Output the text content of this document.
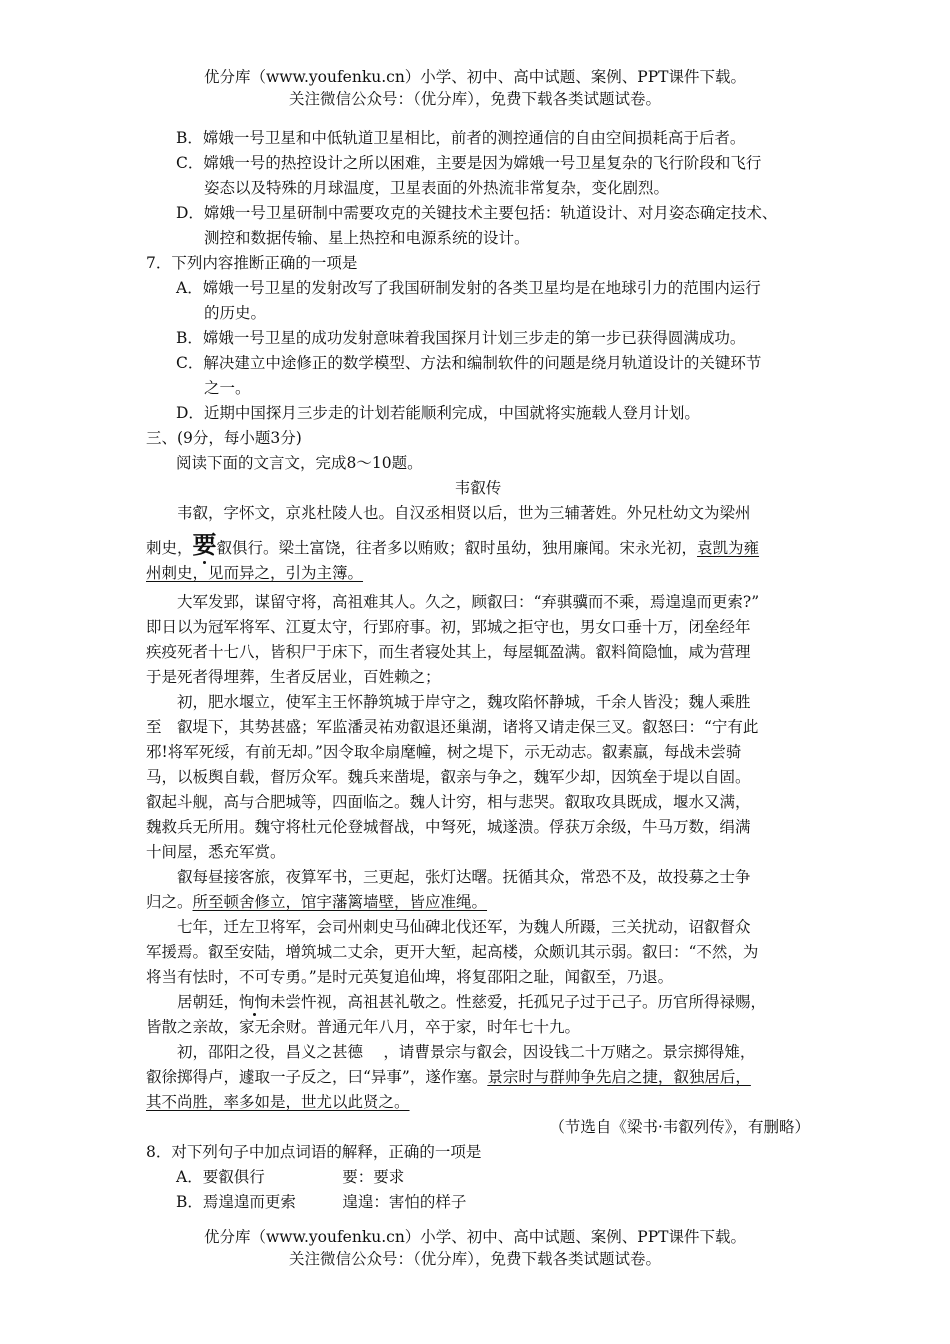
优分库（www.youfenku.cn）小学、初中、高中试题、案例、PPT课件下载。
关注微信公众号：（优分库），免费下载各类试题试卷。
B．嫦娥一号卫星和中低轨道卫星相比，前者的测控通信的自由空间损耗高于后者。
C．嫦娥一号的热控设计之所以困难，主要是因为嫦娥一号卫星复杂的飞行阶段和飞行
姿态以及特殊的月球温度，卫星表面的外热流非常复杂，变化剧烈。
D．嫦娥一号卫星研制中需要攻克的关键技术主要包括：轨道设计、对月姿态确定技术、
测控和数据传输、星上热控和电源系统的设计。
7．下列内容推断正确的一项是
A．嫦娥一号卫星的发射改写了我国研制发射的各类卫星均是在地球引力的范围内运行
的历史。
B．嫦娥一号卫星的成功发射意味着我国探月计划三步走的第一步已获得圆满成功。
C．解决建立中途修正的数学模型、方法和编制软件的问题是绕月轨道设计的关键环节
之一。
D．近期中国探月三步走的计划若能顺利完成，中国就将实施载人登月计划。
三、(9分，每小题3分)
阅读下面的文言文，完成8～10题。
韦叡传
韦叡，字怀文，京兆杜陵人也。自汉丞相贤以后，世为三辅著姓。外兄杜幼文为梁州
刺史，要叡俱行。梁土富饶，往者多以贿败；叡时虽幼，独用廉闻。宋永光初，袁凯为雍
州刺史，见而异之，引为主簿。
大军发郢，谋留守将，高祖难其人。久之，顾叡曰：“弃骐骥而不乘，焉遑遑而更索?”
即日以为冠军将军、江夏太守，行郢府事。初，郢城之拒守也，男女口垂十万，闭垒经年
疾疫死者十七八，皆积尸于床下，而生者寝处其上，每屋辄盈满。叡料简隐恤，咸为营理
于是死者得埋葬，生者反居业，百姓赖之；
初，肥水堰立，使军主王怀静筑城于岸守之，魏攻陷怀静城，千余人皆没；魏人乘胜
至　叡堤下，其势甚盛；军监潘灵祐劝叡退还巢湖，诸将又请走保三叉。叡怒曰：“宁有此
邪!将军死绥，有前无却。”因令取伞扇麾幢，树之堤下，示无动志。叡素羸，每战未尝骑
马，以板舆自载，督厉众军。魏兵来凿堤，叡亲与争之，魏军少却，因筑垒于堤以自固。
叡起斗舰，高与合肥城等，四面临之。魏人计穷，相与悲哭。叡取攻具既成，堰水又满，
魏救兵无所用。魏守将杜元伦登城督战，中弩死，城遂溃。俘获万余级，牛马万数，绢满
十间屋，悉充军赏。
叡每昼接客旅，夜算军书，三更起，张灯达曙。抚循其众，常恐不及，故投募之士争
归之。所至顿舍修立，馆宇藩篱墙壁，皆应准绳。
七年，迁左卫将军，会司州刺史马仙碑北伐还军，为魏人所蹑，三关扰动，诏叡督众
军援焉。叡至安陆，增筑城二丈余，更开大堑，起高楼，众颇讥其示弱。叡曰：“不然，为
将当有怯时，不可专勇。”是时元英复追仙埤，将复邵阳之耻，闻叡至，乃退。
居朝廷，恂恂未尝忤视，高祖甚礼敬之。性慈爱，托孤兄子过于己子。历官所得禄赐，
皆散之亲故，家无余财。普通元年八月，卒于家，时年七十九。
初，邵阳之役，昌义之甚德　 ，请曹景宗与叡会，因设钱二十万赌之。景宗掷得雉，
叡徐掷得卢，遽取一子反之，曰“异事”，遂作塞。景宗时与群帅争先启之捷，叡独居后，
其不尚胜，率多如是，世尤以此贤之。
（节选自《梁书·韦叡列传》，有删略）
8．对下列句子中加点词语的解释，正确的一项是
A．要叡俱行　　　　　要：要求
B．焉遑遑而更索　　　遑遑：害怕的样子
优分库（www.youfenku.cn）小学、初中、高中试题、案例、PPT课件下载。
关注微信公众号：（优分库），免费下载各类试题试卷。
